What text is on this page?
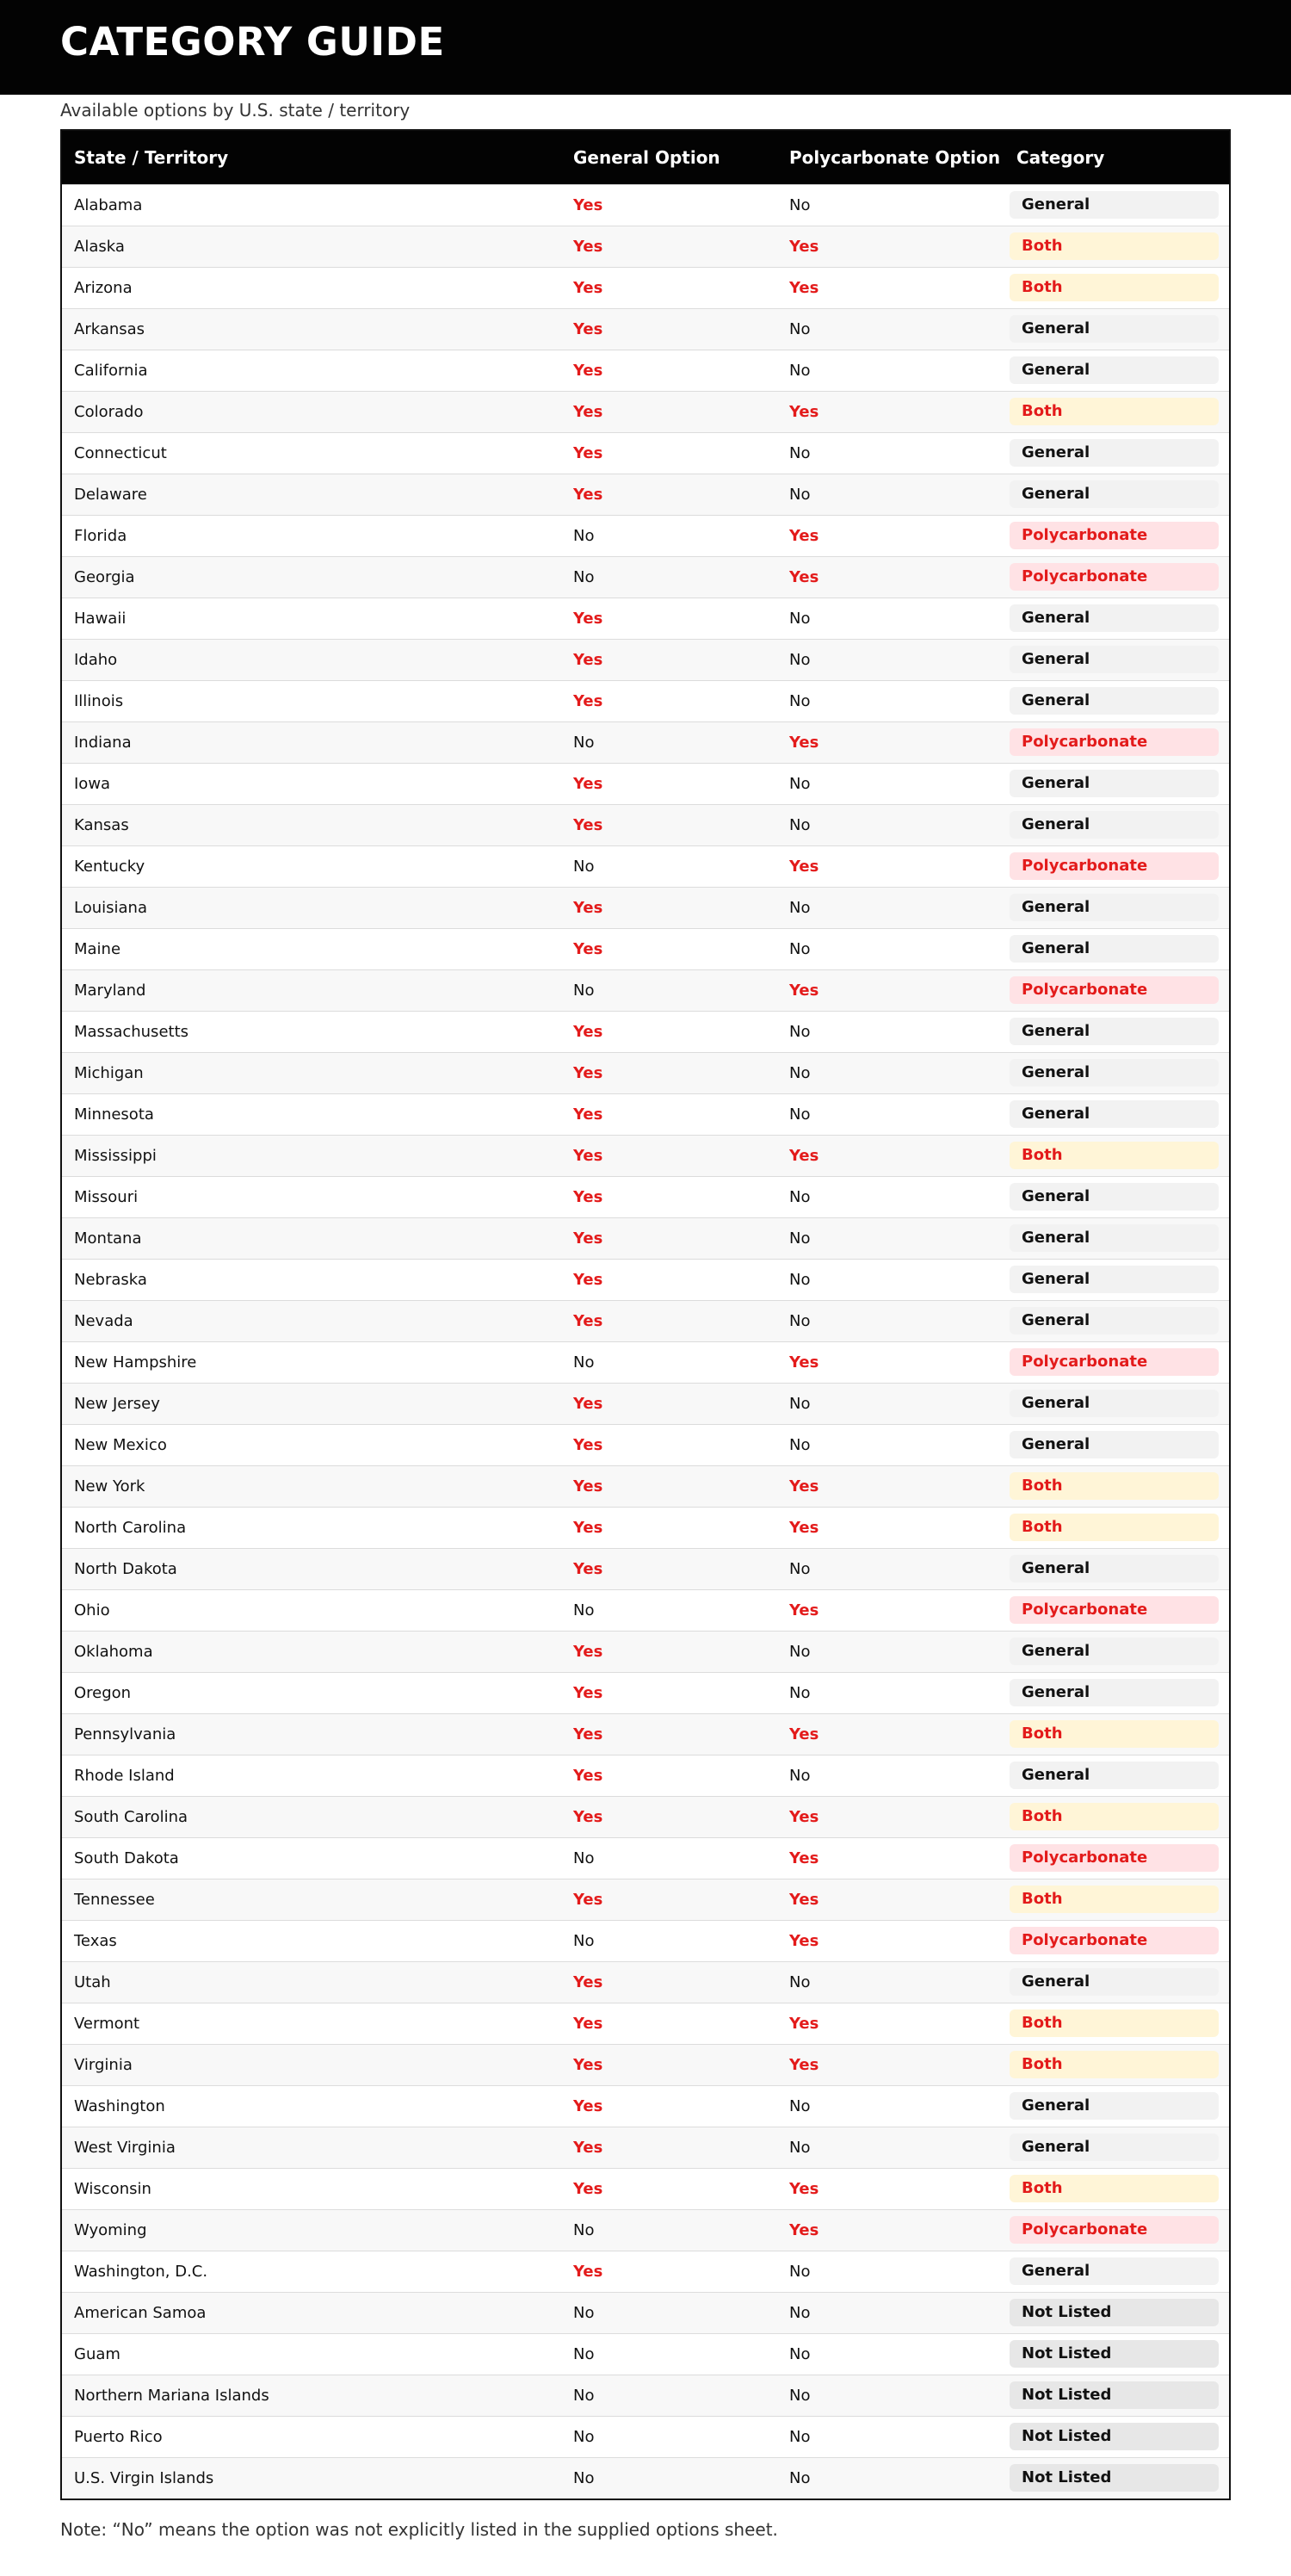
CATEGORY GUIDE
Available options by U.S. state / territory
State / Territory	General Option	Polycarbonate Option	Category
Alabama	Yes	No	General

Alaska	Yes	Yes	Both

Arizona	Yes	Yes	Both

Arkansas	Yes	No	General

California	Yes	No	General

Colorado	Yes	Yes	Both

Connecticut	Yes	No	General

Delaware	Yes	No	General

Florida	No	Yes	Polycarbonate

Georgia	No	Yes	Polycarbonate

Hawaii	Yes	No	General

Idaho	Yes	No	General

Illinois	Yes	No	General

Indiana	No	Yes	Polycarbonate

Iowa	Yes	No	General

Kansas	Yes	No	General

Kentucky	No	Yes	Polycarbonate

Louisiana	Yes	No	General

Maine	Yes	No	General

Maryland	No	Yes	Polycarbonate

Massachusetts	Yes	No	General

Michigan	Yes	No	General

Minnesota	Yes	No	General

Mississippi	Yes	Yes	Both

Missouri	Yes	No	General

Montana	Yes	No	General

Nebraska	Yes	No	General

Nevada	Yes	No	General

New Hampshire	No	Yes	Polycarbonate

New Jersey	Yes	No	General

New Mexico	Yes	No	General

New York	Yes	Yes	Both

North Carolina	Yes	Yes	Both

North Dakota	Yes	No	General

Ohio	No	Yes	Polycarbonate

Oklahoma	Yes	No	General

Oregon	Yes	No	General

Pennsylvania	Yes	Yes	Both

Rhode Island	Yes	No	General

South Carolina	Yes	Yes	Both

South Dakota	No	Yes	Polycarbonate

Tennessee	Yes	Yes	Both

Texas	No	Yes	Polycarbonate

Utah	Yes	No	General

Vermont	Yes	Yes	Both

Virginia	Yes	Yes	Both

Washington	Yes	No	General

West Virginia	Yes	No	General

Wisconsin	Yes	Yes	Both

Wyoming	No	Yes	Polycarbonate

Washington, D.C.	Yes	No	General

American Samoa	No	No	Not Listed

Guam	No	No	Not Listed

Northern Mariana Islands	No	No	Not Listed

Puerto Rico	No	No	Not Listed

U.S. Virgin Islands	No	No	Not Listed
Note: “No” means the option was not explicitly listed in the supplied options sheet.
